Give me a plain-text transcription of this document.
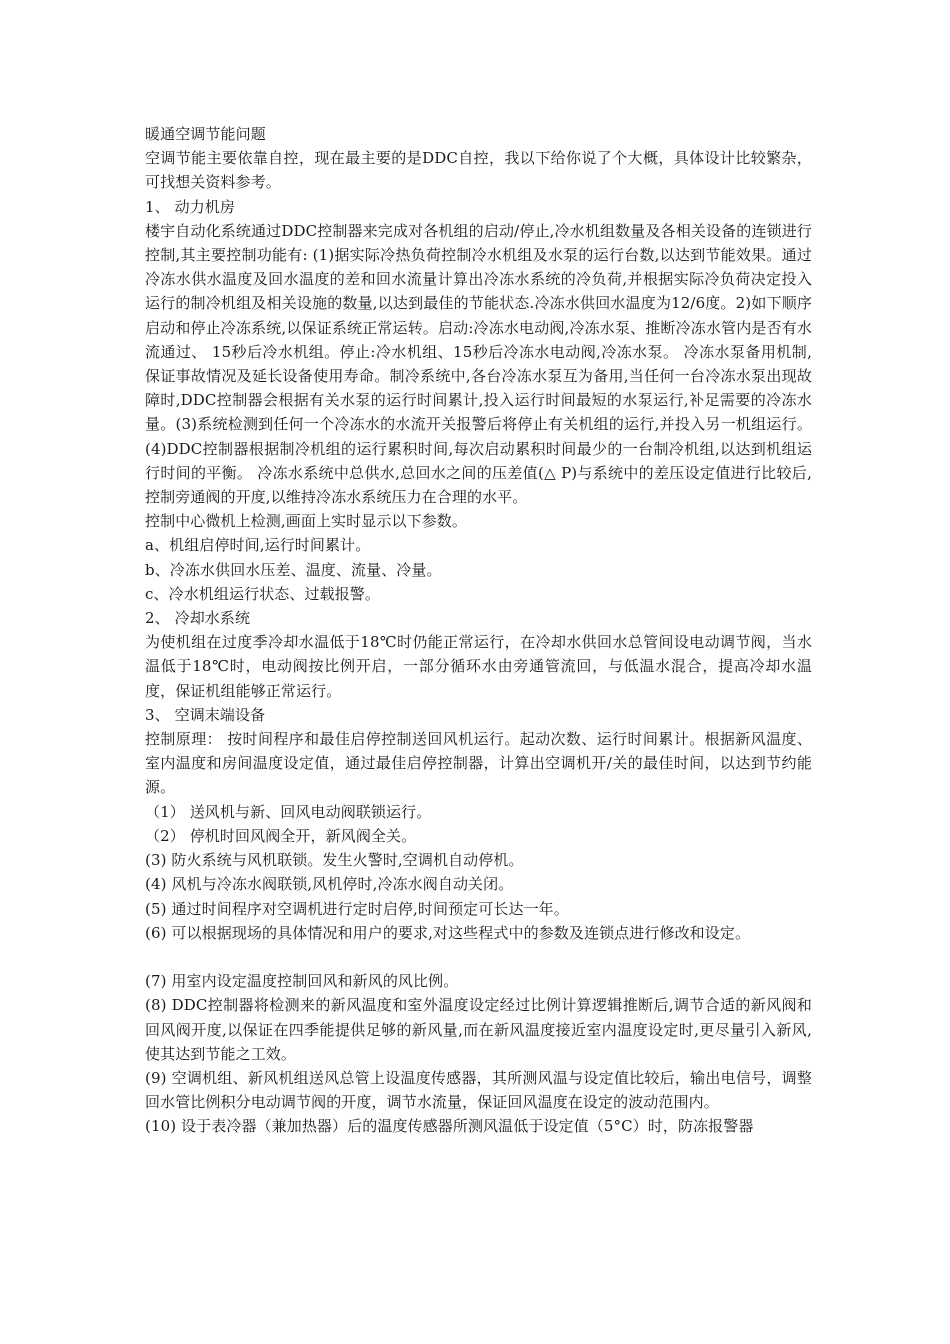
暖通空调节能问题

空调节能主要依靠自控，现在最主要的是DDC自控，我以下给你说了个大概，具体设计比较繁杂，可找想关资料参考。

1、 动力机房

楼宇自动化系统通过DDC控制器来完成对各机组的启动/停止,冷水机组数量及各相关设备的连锁进行控制,其主要控制功能有: (1)据实际冷热负荷控制冷水机组及水泵的运行台数,以达到节能效果。通过冷冻水供水温度及回水温度的差和回水流量计算出冷冻水系统的冷负荷,并根据实际冷负荷决定投入运行的制冷机组及相关设施的数量,以达到最佳的节能状态.冷冻水供回水温度为12/6度。2)如下顺序启动和停止冷冻系统,以保证系统正常运转。启动:冷冻水电动阀,冷冻水泵、推断冷冻水管内是否有水流通过、 15秒后冷水机组。停止:冷水机组、15秒后冷冻水电动阀,冷冻水泵。 冷冻水泵备用机制,保证事故情况及延长设备使用寿命。制冷系统中,各台冷冻水泵互为备用,当任何一台冷冻水泵出现故障时,DDC控制器会根据有关水泵的运行时间累计,投入运行时间最短的水泵运行,补足需要的冷冻水量。(3)系统检测到任何一个冷冻水的水流开关报警后将停止有关机组的运行,并投入另一机组运行。(4)DDC控制器根据制冷机组的运行累积时间,每次启动累积时间最少的一台制冷机组,以达到机组运行时间的平衡。 冷冻水系统中总供水,总回水之间的压差值(△ P)与系统中的差压设定值进行比较后,控制旁通阀的开度,以维持冷冻水系统压力在合理的水平。

控制中心微机上检测,画面上实时显示以下参数。

a、机组启停时间,运行时间累计。

b、冷冻水供回水压差、温度、流量、冷量。

c、冷水机组运行状态、过载报警。

2、 冷却水系统

为使机组在过度季冷却水温低于18℃时仍能正常运行，在冷却水供回水总管间设电动调节阀，当水温低于18℃时，电动阀按比例开启，一部分循环水由旁通管流回，与低温水混合，提高冷却水温度，保证机组能够正常运行。

3、 空调末端设备

控制原理： 按时间程序和最佳启停控制送回风机运行。起动次数、运行时间累计。根据新风温度、室内温度和房间温度设定值，通过最佳启停控制器，计算出空调机开/关的最佳时间，以达到节约能源。

（1） 送风机与新、回风电动阀联锁运行。

（2） 停机时回风阀全开，新风阀全关。

(3) 防火系统与风机联锁。发生火警时,空调机自动停机。

(4) 风机与冷冻水阀联锁,风机停时,冷冻水阀自动关闭。

(5) 通过时间程序对空调机进行定时启停,时间预定可长达一年。

(6) 可以根据现场的具体情况和用户的要求,对这些程式中的参数及连锁点进行修改和设定。

(7) 用室内设定温度控制回风和新风的风比例。

(8) DDC控制器将检测来的新风温度和室外温度设定经过比例计算逻辑推断后,调节合适的新风阀和回风阀开度,以保证在四季能提供足够的新风量,而在新风温度接近室内温度设定时,更尽量引入新风,使其达到节能之工效。

(9) 空调机组、新风机组送风总管上设温度传感器，其所测风温与设定值比较后，输出电信号，调整回水管比例积分电动调节阀的开度，调节水流量，保证回风温度在设定的波动范围内。

(10) 设于表冷器（兼加热器）后的温度传感器所测风温低于设定值（5°C）时，防冻报警器
